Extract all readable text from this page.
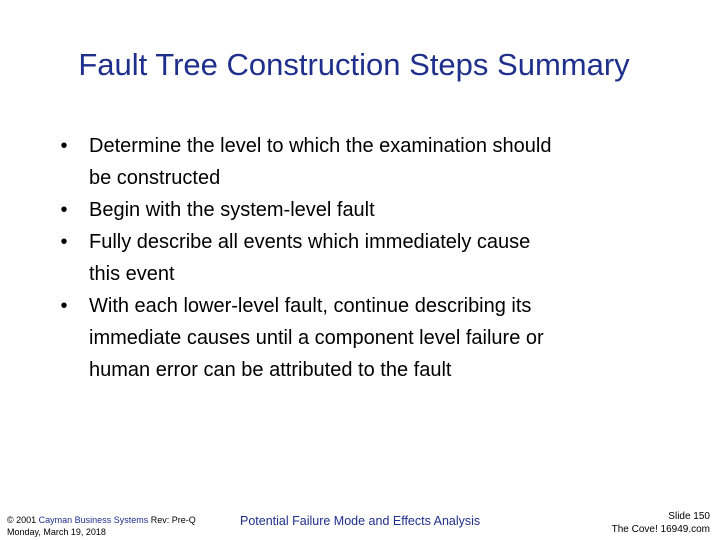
Fault Tree Construction Steps Summary
• Determine the level to which the examination should
be constructed
• Begin with the system-level fault
• Fully describe all events which immediately cause
this event
• With each lower-level fault, continue describing its
immediate causes until a component level failure or
human error can be attributed to the fault
© 2001 Cayman Business Systems Rev: Pre-Q
Monday, March 19, 2018
Potential Failure Mode and Effects Analysis	Slide 150
The Cove! 16949.com
